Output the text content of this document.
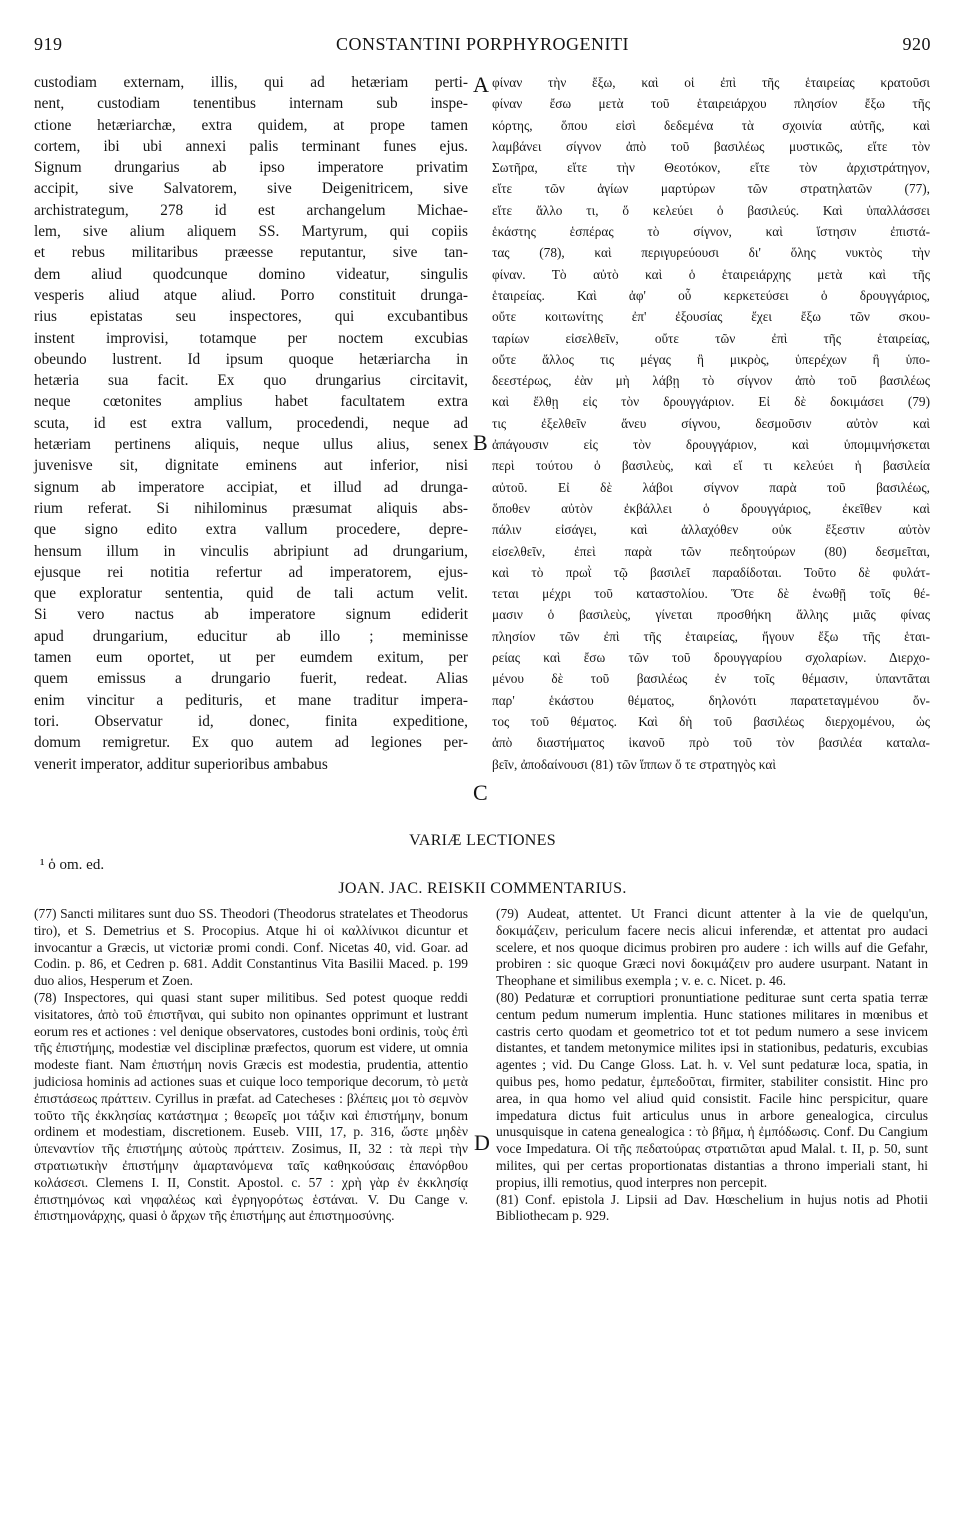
919	CONSTANTINI PORPHYROGENITI	920
custodiam externam, illis, qui ad hetæriam perti-
nent, custodiam tenentibus internam sub inspe-
ctione hetæriarchæ, extra quidem, at prope tamen
cortem, ibi ubi annexi palis terminant funes ejus.
Signum drungarius ab ipso imperatore privatim
accipit, sive Salvatorem, sive Deigenitricem, sive
archistrategum, 278 id est archangelum Michae-
lem, sive alium aliquem SS. Martyrum, qui copiis
et rebus militaribus præesse reputantur, sive tan-
dem aliud quodcunque domino videatur, singulis
vesperis aliud atque aliud. Porro constituit drunga-
rius epistatas seu inspectores, qui excubantibus
instent improvisi, totamque per noctem excubias
obeundo lustrent. Id ipsum quoque hetæriarcha in
hetæria sua facit. Ex quo drungarius circitavit,
neque cœtonites amplius habet facultatem extra
scuta, id est extra vallum, procedendi, neque ad
hetæriam pertinens aliquis, neque ullus alius, senex
juvenisve sit, dignitate eminens aut inferior, nisi
signum ab imperatore accipiat, et illud ad drunga-
rium referat. Si nihilominus præsumat aliquis abs-
que signo edito extra vallum procedere, depre-
hensum illum in vinculis abripiunt ad drungarium,
ejusque rei notitia refertur ad imperatorem, ejus-
que exploratur sententia, quid de tali actum velit.
Si vero nactus ab imperatore signum ediderit
apud drungarium, educitur ab illo ; meminisse
tamen eum oportet, ut per eumdem exitum, per
quem emissus a drungario fuerit, redeat. Alias
enim vincitur a pedituris, et mane traditur impera-
tori. Observatur id, donec, finita expeditione,
domum remigretur. Ex quo autem ad legiones per-
venerit imperator, additur superioribus ambabus
φίναν τὴν ἔξω, καὶ οἱ ἐπὶ τῆς ἑταιρείας κρατοῦσι
φίναν ἔσω μετὰ τοῦ ἑταιρειάρχου πλησίον ἔξω τῆς
κόρτης, ὅπου εἰσὶ δεδεμένα τὰ σχοινία αὐτῆς, καὶ
λαμβάνει σίγνον ἀπὸ τοῦ βασιλέως μυστικῶς, εἴτε τὸν
Σωτῆρα, εἴτε τὴν Θεοτόκον, εἴτε τὸν ἀρχιστράτηγον,
εἴτε τῶν ἁγίων μαρτύρων τῶν στρατηλατῶν (77),
εἴτε ἄλλο τι, ὅ κελεύει ὁ βασιλεύς. Καὶ ὑπαλλάσσει
ἑκάστης ἑσπέρας τὸ σίγνον, καὶ ἵστησιν ἐπιστά-
τας (78), καὶ περιγυρεύουσι δι' ὅλης νυκτὸς τὴν
φίναν. Τὸ αὐτὸ καὶ ὁ ἑταιρειάρχης μετὰ καὶ τῆς
ἑταιρείας. Καὶ ἀφ' οὗ κερκετεύσει ὁ δρουγγάριος,
οὔτε κοιτωνίτης ἐπ' ἐξουσίας ἔχει ἔξω τῶν σκου-
ταρίων εἰσελθεῖν, οὔτε τῶν ἐπὶ τῆς ἑταιρείας,
οὔτε ἄλλος τις μέγας ἢ μικρὸς, ὑπερέχων ἢ ὑπο-
δεεστέρως, ἐὰν μὴ λάβῃ τὸ σίγνον ἀπὸ τοῦ βασιλέως
καὶ ἔλθῃ εἰς τὸν δρουγγάριον. Εἰ δὲ δοκιμάσει (79)
τις ἐξελθεῖν ἄνευ σίγνου, δεσμοῦσιν αὐτὸν καὶ
ἀπάγουσιν εἰς τὸν δρουγγάριον, καὶ ὑπομιμνήσκεται
περὶ τούτου ὁ βασιλεὺς, καὶ εἴ τι κελεύει ἡ βασιλεία
αὐτοῦ. Εἰ δὲ λάβοι σίγνον παρὰ τοῦ βασιλέως,
ὅποθεν αὐτὸν ἐκβάλλει ὁ δρουγγάριος, ἐκεῖθεν καὶ
πάλιν εἰσάγει, καὶ ἀλλαχόθεν οὐκ ἔξεστιν αὐτὸν
εἰσελθεῖν, ἐπεὶ παρὰ τῶν πεδητούρων (80) δεσμεῖται,
καὶ τὸ πρωῒ τῷ βασιλεῖ παραδίδοται. Τοῦτο δὲ φυλάτ-
τεται μέχρι τοῦ καταστολίου. Ὅτε δὲ ἑνωθῇ τοῖς θέ-
μασιν ὁ βασιλεὺς, γίνεται προσθήκη ἄλλης μιᾶς φίνας
πλησίον τῶν ἐπὶ τῆς ἑταιρείας, ἤγουν ἔξω τῆς ἑται-
ρείας καὶ ἔσω τῶν τοῦ δρουγγαρίου σχολαρίων. Διερχο-
μένου δὲ τοῦ βασιλέως ἐν τοῖς θέμασιν, ὑπαντᾶται
παρ' ἑκάστου θέματος, δηλονότι παρατεταγμένου ὄν-
τος τοῦ θέματος. Καὶ δὴ τοῦ βασιλέως διερχομένου, ὡς
ἀπὸ διαστήματος ἱκανοῦ πρὸ τοῦ τὸν βασιλέα καταλα-
βεῖν, ἀποδαίνουσι (81) τῶν ἵππων ὅ τε στρατηγὸς καὶ
A
B
C
D
VARIÆ LECTIONES
¹ ὁ om. ed.
JOAN. JAC. REISKII COMMENTARIUS.

(77) Sancti militares sunt duo SS. Theodori (Theodorus stratelates et Theodorus tiro), et S. Demetrius et S. Procopius. Atque hi οἱ καλλίνικοι dicuntur et invocantur a Græcis, ut victoriæ promi condi. Conf. Nicetas 40, vid. Goar. ad Codin. p. 86, et Cedren p. 681. Addit Constantinus Vita Basilii Maced. p. 199 duo alios, Hesperum et Zoen.

(78) Inspectores, qui quasi stant super militibus. Sed potest quoque reddi visitatores, ἀπὸ τοῦ ἐπιστῆναι, qui subito non opinantes opprimunt et lustrant eorum res et actiones : vel denique observatores, custodes boni ordinis, τοὺς ἐπὶ τῆς ἐπιστήμης, modestiæ vel disciplinæ præfectos, quorum est videre, ut omnia modeste fiant. Nam ἐπιστήμη novis Græcis est modestia, prudentia, attentio judiciosa hominis ad actiones suas et cuique loco temporique decorum, τὸ μετὰ ἐπιστάσεως πράττειν. Cyrillus in præfat. ad Catecheses : βλέπεις μοι τὸ σεμνὸν τοῦτο τῆς ἐκκλησίας κατάστημα ; θεωρεῖς μοι τάξιν καὶ ἐπιστήμην, bonum ordinem et modestiam, discretionem. Euseb. VIII, 17, p. 316, ὥστε μηδὲν ὑπεναντίον τῆς ἐπιστήμης αὐτοὺς πράττειν. Zosimus, II, 32 : τὰ περὶ τὴν στρατιωτικὴν ἐπιστήμην ἁμαρτανόμενα ταῖς καθηκούσαις ἐπανόρθου κολάσεσι. Clemens I. II, Constit. Apostol. c. 57 : χρὴ γὰρ ἐν ἐκκλησίᾳ ἐπιστημόνως καὶ νηφαλέως καὶ ἐγρηγορότως ἑστάναι. V. Du Cange v. ἐπιστημονάρχης, quasi ὁ ἄρχων τῆς ἐπιστήμης aut ἐπιστημοσύνης.

(79) Audeat, attentet. Ut Franci dicunt attenter à la vie de quelqu'un, δοκιμάζειν, periculum facere necis alicui inferendæ, et attentat pro audaci scelere, et nos quoque dicimus probiren pro audere : ich wills auf die Gefahr, probiren : sic quoque Græci novi δοκιμάζειν pro audere usurpant. Natant in Theophane et similibus exempla ; v. e. c. Nicet. p. 46.

(80) Pedaturæ et corruptiori pronuntiatione pediturae sunt certa spatia terræ centum pedum numerum implentia. Hunc stationes militares in mœnibus et castris certo quodam et geometrico tot et tot pedum numero a sese invicem distantes, et tandem metonymice milites ipsi in stationibus, pedaturis, excubias agentes ; vid. Du Cange Gloss. Lat. h. v. Vel sunt pedaturæ loca, spatia, in quibus pes, homo pedatur, ἐμπεδοῦται, firmiter, stabiliter consistit. Hinc pro area, in qua homo vel aliud quid consistit. Facile hinc perspicitur, quare impedatura dictus fuit articulus unus in arbore genealogica, circulus unusquisque in catena genealogica : τὸ βῆμα, ἡ ἐμπόδωσις. Conf. Du Cangium voce Impedatura. Οἱ τῆς πεδατούρας στρατιῶται apud Malal. t. II, p. 50, sunt milites, qui per certas proportionatas distantias a throno imperiali stant, hi propius, illi remotius, quod interpres non percepit.

(81) Conf. epistola J. Lipsii ad Dav. Hœschelium in hujus notis ad Photii Bibliothecam p. 929.
